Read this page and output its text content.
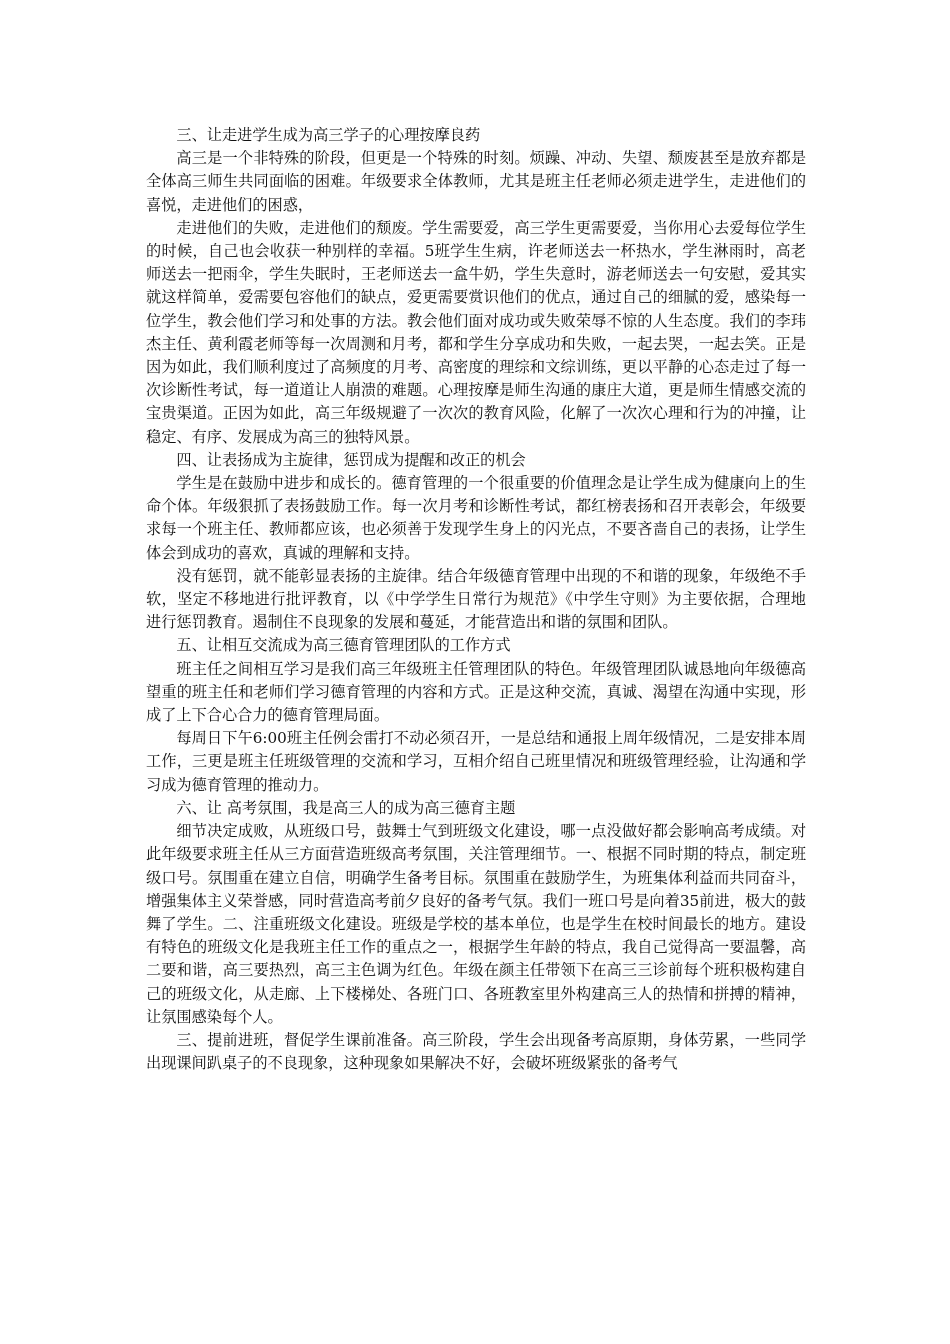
三、让走进学生成为高三学子的心理按摩良药

高三是一个非特殊的阶段，但更是一个特殊的时刻。烦躁、冲动、失望、颓废甚至是放弃都是全体高三师生共同面临的困难。年级要求全体教师，尤其是班主任老师必须走进学生，走进他们的喜悦，走进他们的困惑，

走进他们的失败，走进他们的颓废。学生需要爱，高三学生更需要爱，当你用心去爱每位学生的时候，自己也会收获一种别样的幸福。5班学生生病，许老师送去一杯热水，学生淋雨时，高老师送去一把雨伞，学生失眠时，王老师送去一盒牛奶，学生失意时，游老师送去一句安慰，爱其实就这样简单，爱需要包容他们的缺点，爱更需要赏识他们的优点，通过自己的细腻的爱，感染每一位学生，教会他们学习和处事的方法。教会他们面对成功或失败荣辱不惊的人生态度。我们的李玮杰主任、黄利霞老师等每一次周测和月考，都和学生分享成功和失败，一起去哭，一起去笑。正是因为如此，我们顺利度过了高频度的月考、高密度的理综和文综训练，更以平静的心态走过了每一次诊断性考试，每一道道让人崩溃的难题。心理按摩是师生沟通的康庄大道，更是师生情感交流的宝贵渠道。正因为如此，高三年级规避了一次次的教育风险，化解了一次次心理和行为的冲撞，让稳定、有序、发展成为高三的独特风景。

四、让表扬成为主旋律，惩罚成为提醒和改正的机会

学生是在鼓励中进步和成长的。德育管理的一个很重要的价值理念是让学生成为健康向上的生命个体。年级狠抓了表扬鼓励工作。每一次月考和诊断性考试，都红榜表扬和召开表彰会，年级要求每一个班主任、教师都应该，也必须善于发现学生身上的闪光点，不要吝啬自己的表扬，让学生体会到成功的喜欢，真诚的理解和支持。

没有惩罚，就不能彰显表扬的主旋律。结合年级德育管理中出现的不和谐的现象，年级绝不手软，坚定不移地进行批评教育，以《中学学生日常行为规范》《中学生守则》为主要依据，合理地进行惩罚教育。遏制住不良现象的发展和蔓延，才能营造出和谐的氛围和团队。

五、让相互交流成为高三德育管理团队的工作方式

班主任之间相互学习是我们高三年级班主任管理团队的特色。年级管理团队诚恳地向年级德高望重的班主任和老师们学习德育管理的内容和方式。正是这种交流，真诚、渴望在沟通中实现，形成了上下合心合力的德育管理局面。

每周日下午6:00班主任例会雷打不动必须召开，一是总结和通报上周年级情况，二是安排本周工作，三更是班主任班级管理的交流和学习，互相介绍自己班里情况和班级管理经验，让沟通和学习成为德育管理的推动力。

六、让 高考氛围，我是高三人的成为高三德育主题

细节决定成败，从班级口号，鼓舞士气到班级文化建设，哪一点没做好都会影响高考成绩。对此年级要求班主任从三方面营造班级高考氛围，关注管理细节。一、根据不同时期的特点，制定班级口号。氛围重在建立自信，明确学生备考目标。氛围重在鼓励学生，为班集体利益而共同奋斗，增强集体主义荣誉感，同时营造高考前夕良好的备考气氛。我们一班口号是向着35前进，极大的鼓舞了学生。二、注重班级文化建设。班级是学校的基本单位，也是学生在校时间最长的地方。建设有特色的班级文化是我班主任工作的重点之一，根据学生年龄的特点，我自己觉得高一要温馨，高二要和谐，高三要热烈，高三主色调为红色。年级在颜主任带领下在高三三诊前每个班积极构建自己的班级文化，从走廊、上下楼梯处、各班门口、各班教室里外构建高三人的热情和拼搏的精神，让氛围感染每个人。

三、提前进班，督促学生课前准备。高三阶段，学生会出现备考高原期，身体劳累，一些同学出现课间趴桌子的不良现象，这种现象如果解决不好，会破坏班级紧张的备考气
